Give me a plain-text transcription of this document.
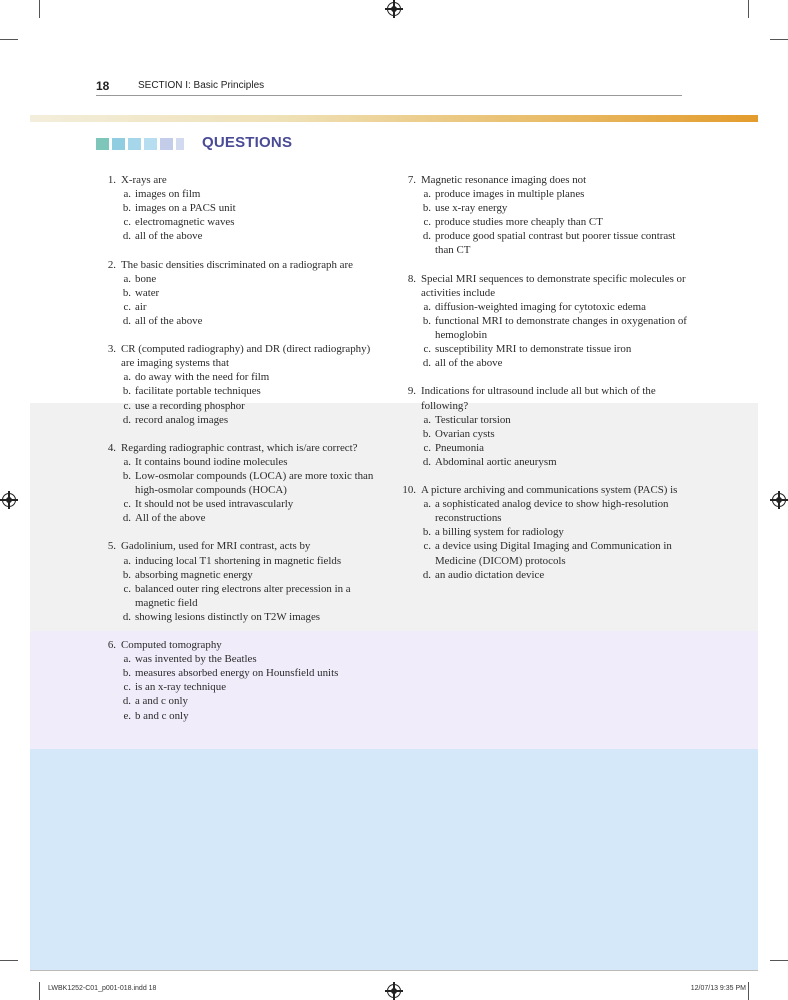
18	SECTION I: Basic Principles
QUESTIONS
1. X-rays are
a. images on film
b. images on a PACS unit
c. electromagnetic waves
d. all of the above
2. The basic densities discriminated on a radiograph are
a. bone
b. water
c. air
d. all of the above
3. CR (computed radiography) and DR (direct radiography) are imaging systems that
a. do away with the need for film
b. facilitate portable techniques
c. use a recording phosphor
d. record analog images
4. Regarding radiographic contrast, which is/are correct?
a. It contains bound iodine molecules
b. Low-osmolar compounds (LOCA) are more toxic than high-osmolar compounds (HOCA)
c. It should not be used intravascularly
d. All of the above
5. Gadolinium, used for MRI contrast, acts by
a. inducing local T1 shortening in magnetic fields
b. absorbing magnetic energy
c. balanced outer ring electrons alter precession in a magnetic field
d. showing lesions distinctly on T2W images
6. Computed tomography
a. was invented by the Beatles
b. measures absorbed energy on Hounsfield units
c. is an x-ray technique
d. a and c only
e. b and c only
7. Magnetic resonance imaging does not
a. produce images in multiple planes
b. use x-ray energy
c. produce studies more cheaply than CT
d. produce good spatial contrast but poorer tissue contrast than CT
8. Special MRI sequences to demonstrate specific molecules or activities include
a. diffusion-weighted imaging for cytotoxic edema
b. functional MRI to demonstrate changes in oxygenation of hemoglobin
c. susceptibility MRI to demonstrate tissue iron
d. all of the above
9. Indications for ultrasound include all but which of the following?
a. Testicular torsion
b. Ovarian cysts
c. Pneumonia
d. Abdominal aortic aneurysm
10. A picture archiving and communications system (PACS) is
a. a sophisticated analog device to show high-resolution reconstructions
b. a billing system for radiology
c. a device using Digital Imaging and Communication in Medicine (DICOM) protocols
d. an audio dictation device
LWBK1252-C01_p001-018.indd 18	12/07/13 9:35 PM
